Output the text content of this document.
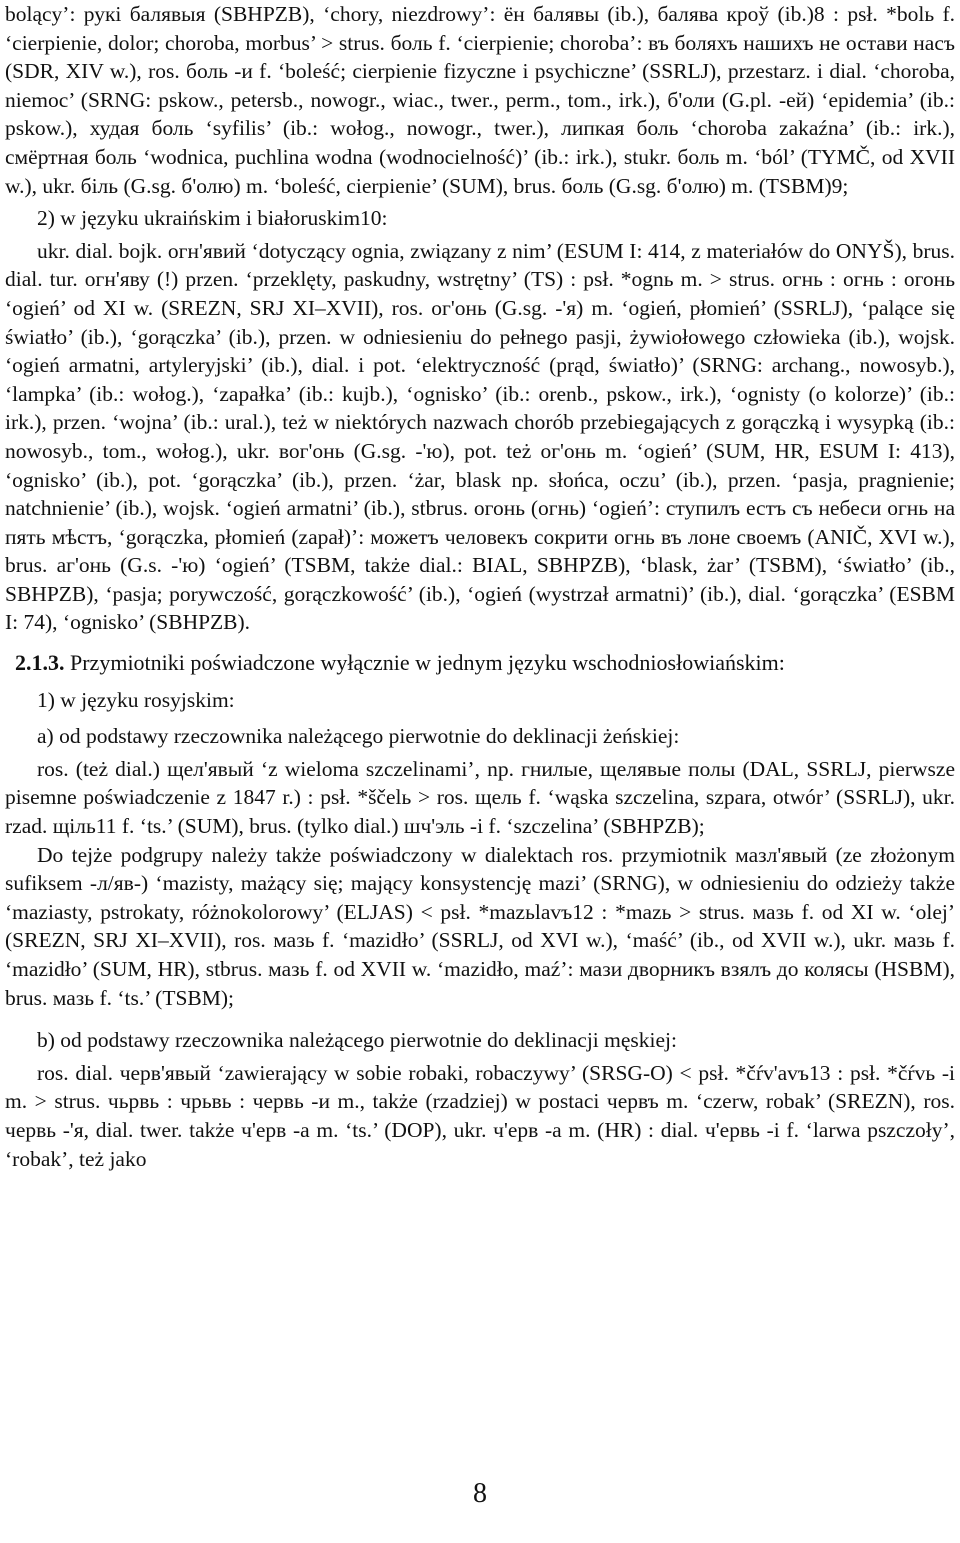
bolący’: рукі балявыя (SBHPZB), ‘chory, niezdrowy’: ён балявы (ib.), балява кроў (ib.)8 : psł. *bolь f. ‘cierpienie, dolor; choroba, morbus’ > strus. боль f. ‘cierpienie; choroba’: въ боляхъ нашихъ не остави насъ (SDR, XIV w.), ros. боль -и f. ‘boleść; cierpienie fizyczne i psychiczne’ (SSRLJ), przestarz. i dial. ‘choroba, niemoc’ (SRNG: pskow., petersb., nowogr., wiac., twer., perm., tom., irk.), б'оли (G.pl. -ей) ‘epidemia’ (ib.: pskow.), худая боль ‘syfilis’ (ib.: wołog., nowogr., twer.), липкая боль ‘choroba zakaźna’ (ib.: irk.), смёртная боль ‘wodnica, puchlina wodna (wodnocielność)’ (ib.: irk.), stukr. боль m. ‘ból’ (TYMČ, od XVII w.), ukr. біль (G.sg. б'олю) m. ‘boleść, cierpienie’ (SUM), brus. боль (G.sg. б'олю) m. (TSBM)9;

2) w języku ukraińskim i białoruskim10:

ukr. dial. bojk. огн'явий ‘dotyczący ognia, związany z nim’ (ESUM I: 414, z materiałów do ONYŠ), brus. dial. tur. огн'яву (!) przen. ‘przeklęty, paskudny, wstrętny’ (TS) : psł. *ognь m. > strus. огнь : огнь : огонь ‘ogień’ od XI w. (SREZN, SRJ XI–XVII), ros. ог'онь (G.sg. -'я) m. ‘ogień, płomień’ (SSRLJ), ‘palące się światło’ (ib.), ‘gorączka’ (ib.), przen. w odniesieniu do pełnego pasji, żywiołowego człowieka (ib.), wojsk. ‘ogień armatni, artyleryjski’ (ib.), dial. i pot. ‘elektryczność (prąd, światło)’ (SRNG: archang., nowosyb.), ‘lampka’ (ib.: wołog.), ‘zapałka’ (ib.: kujb.), ‘ognisko’ (ib.: orenb., pskow., irk.), ‘ognisty (o kolorze)’ (ib.: irk.), przen. ‘wojna’ (ib.: ural.), też w niektórych nazwach chorób przebiegających z gorączką i wysypką (ib.: nowosyb., tom., wołog.), ukr. вог'онь (G.sg. -'ю), pot. też ог'онь m. ‘ogień’ (SUM, HR, ESUM I: 413), ‘ognisko’ (ib.), pot. ‘gorączka’ (ib.), przen. ‘żar, blask np. słońca, oczu’ (ib.), przen. ‘pasja, pragnienie; natchnienie’ (ib.), wojsk. ‘ogień armatni’ (ib.), stbrus. огонь (огнь) ‘ogień’: ступилъ естъ съ небеси огнь на пять мѣстъ, ‘gorączka, płomień (zapał)’: можетъ человекъ сокрити огнь въ лоне своемъ (ANIČ, XVI w.), brus. аг'онь (G.s. -'ю) ‘ogień’ (TSBM, także dial.: BIAL, SBHPZB), ‘blask, żar’ (TSBM), ‘światło’ (ib., SBHPZB), ‘pasja; porywczość, gorączkowość’ (ib.), ‘ogień (wystrzał armatni)’ (ib.), dial. ‘gorączka’ (ESBM I: 74), ‘ognisko’ (SBHPZB).

2.1.3. Przymiotniki poświadczone wyłącznie w jednym języku wschodniosłowiańskim:

1) w języku rosyjskim:

a) od podstawy rzeczownika należącego pierwotnie do deklinacji żeńskiej:

ros. (też dial.) щел'явый ‘z wieloma szczelinami’, np. гнилые, щелявые полы (DAL, SSRLJ, pierwsze pisemne poświadczenie z 1847 r.) : psł. *ščelь > ros. щель f. ‘wąska szczelina, szpara, otwór’ (SSRLJ), ukr. rzad. щіль11 f. ‘ts.’ (SUM), brus. (tylko dial.) шч'эль -і f. ‘szczelina’ (SBHPZB);

Do tejże podgrupy należy także poświadczony w dialektach ros. przymiotnik мазл'явый (ze złożonym sufiksem -л/яв-) ‘mazisty, mażący się; mający konsystencję mazi’ (SRNG), w odniesieniu do odzieży także ‘maziasty, pstrokaty, różnokolorowy’ (ELJAS) < psł. *mazьlavъ12 : *mazь > strus. мазь f. od XI w. ‘olej’ (SREZN, SRJ XI–XVII), ros. мазь f. ‘mazidło’ (SSRLJ, od XVI w.), ‘maść’ (ib., od XVII w.), ukr. мазь f. ‘mazidło’ (SUM, HR), stbrus. мазь f. od XVII w. ‘mazidło, maź’: мази дворникъ взялъ до колясы (HSBM), brus. мазь f. ‘ts.’ (TSBM);

b) od podstawy rzeczownika należącego pierwotnie do deklinacji męskiej:

ros. dial. черв'явый ‘zawierający w sobie robaki, robaczywy’ (SRSG-O) < psł. *čŕv'avъ13 : psł. *čŕvь -i m. > strus. чьрвь : чрьвь : червь -и m., także (rzadziej) w postaci червъ m. ‘czerw, robak’ (SREZN), ros. червь -'я, dial. twer. także ч'ерв -а m. ‘ts.’ (DOP), ukr. ч'ерв -а m. (HR) : dial. ч'ервь -і f. ‘larwa pszczoły’, ‘robak’, też jako

8
